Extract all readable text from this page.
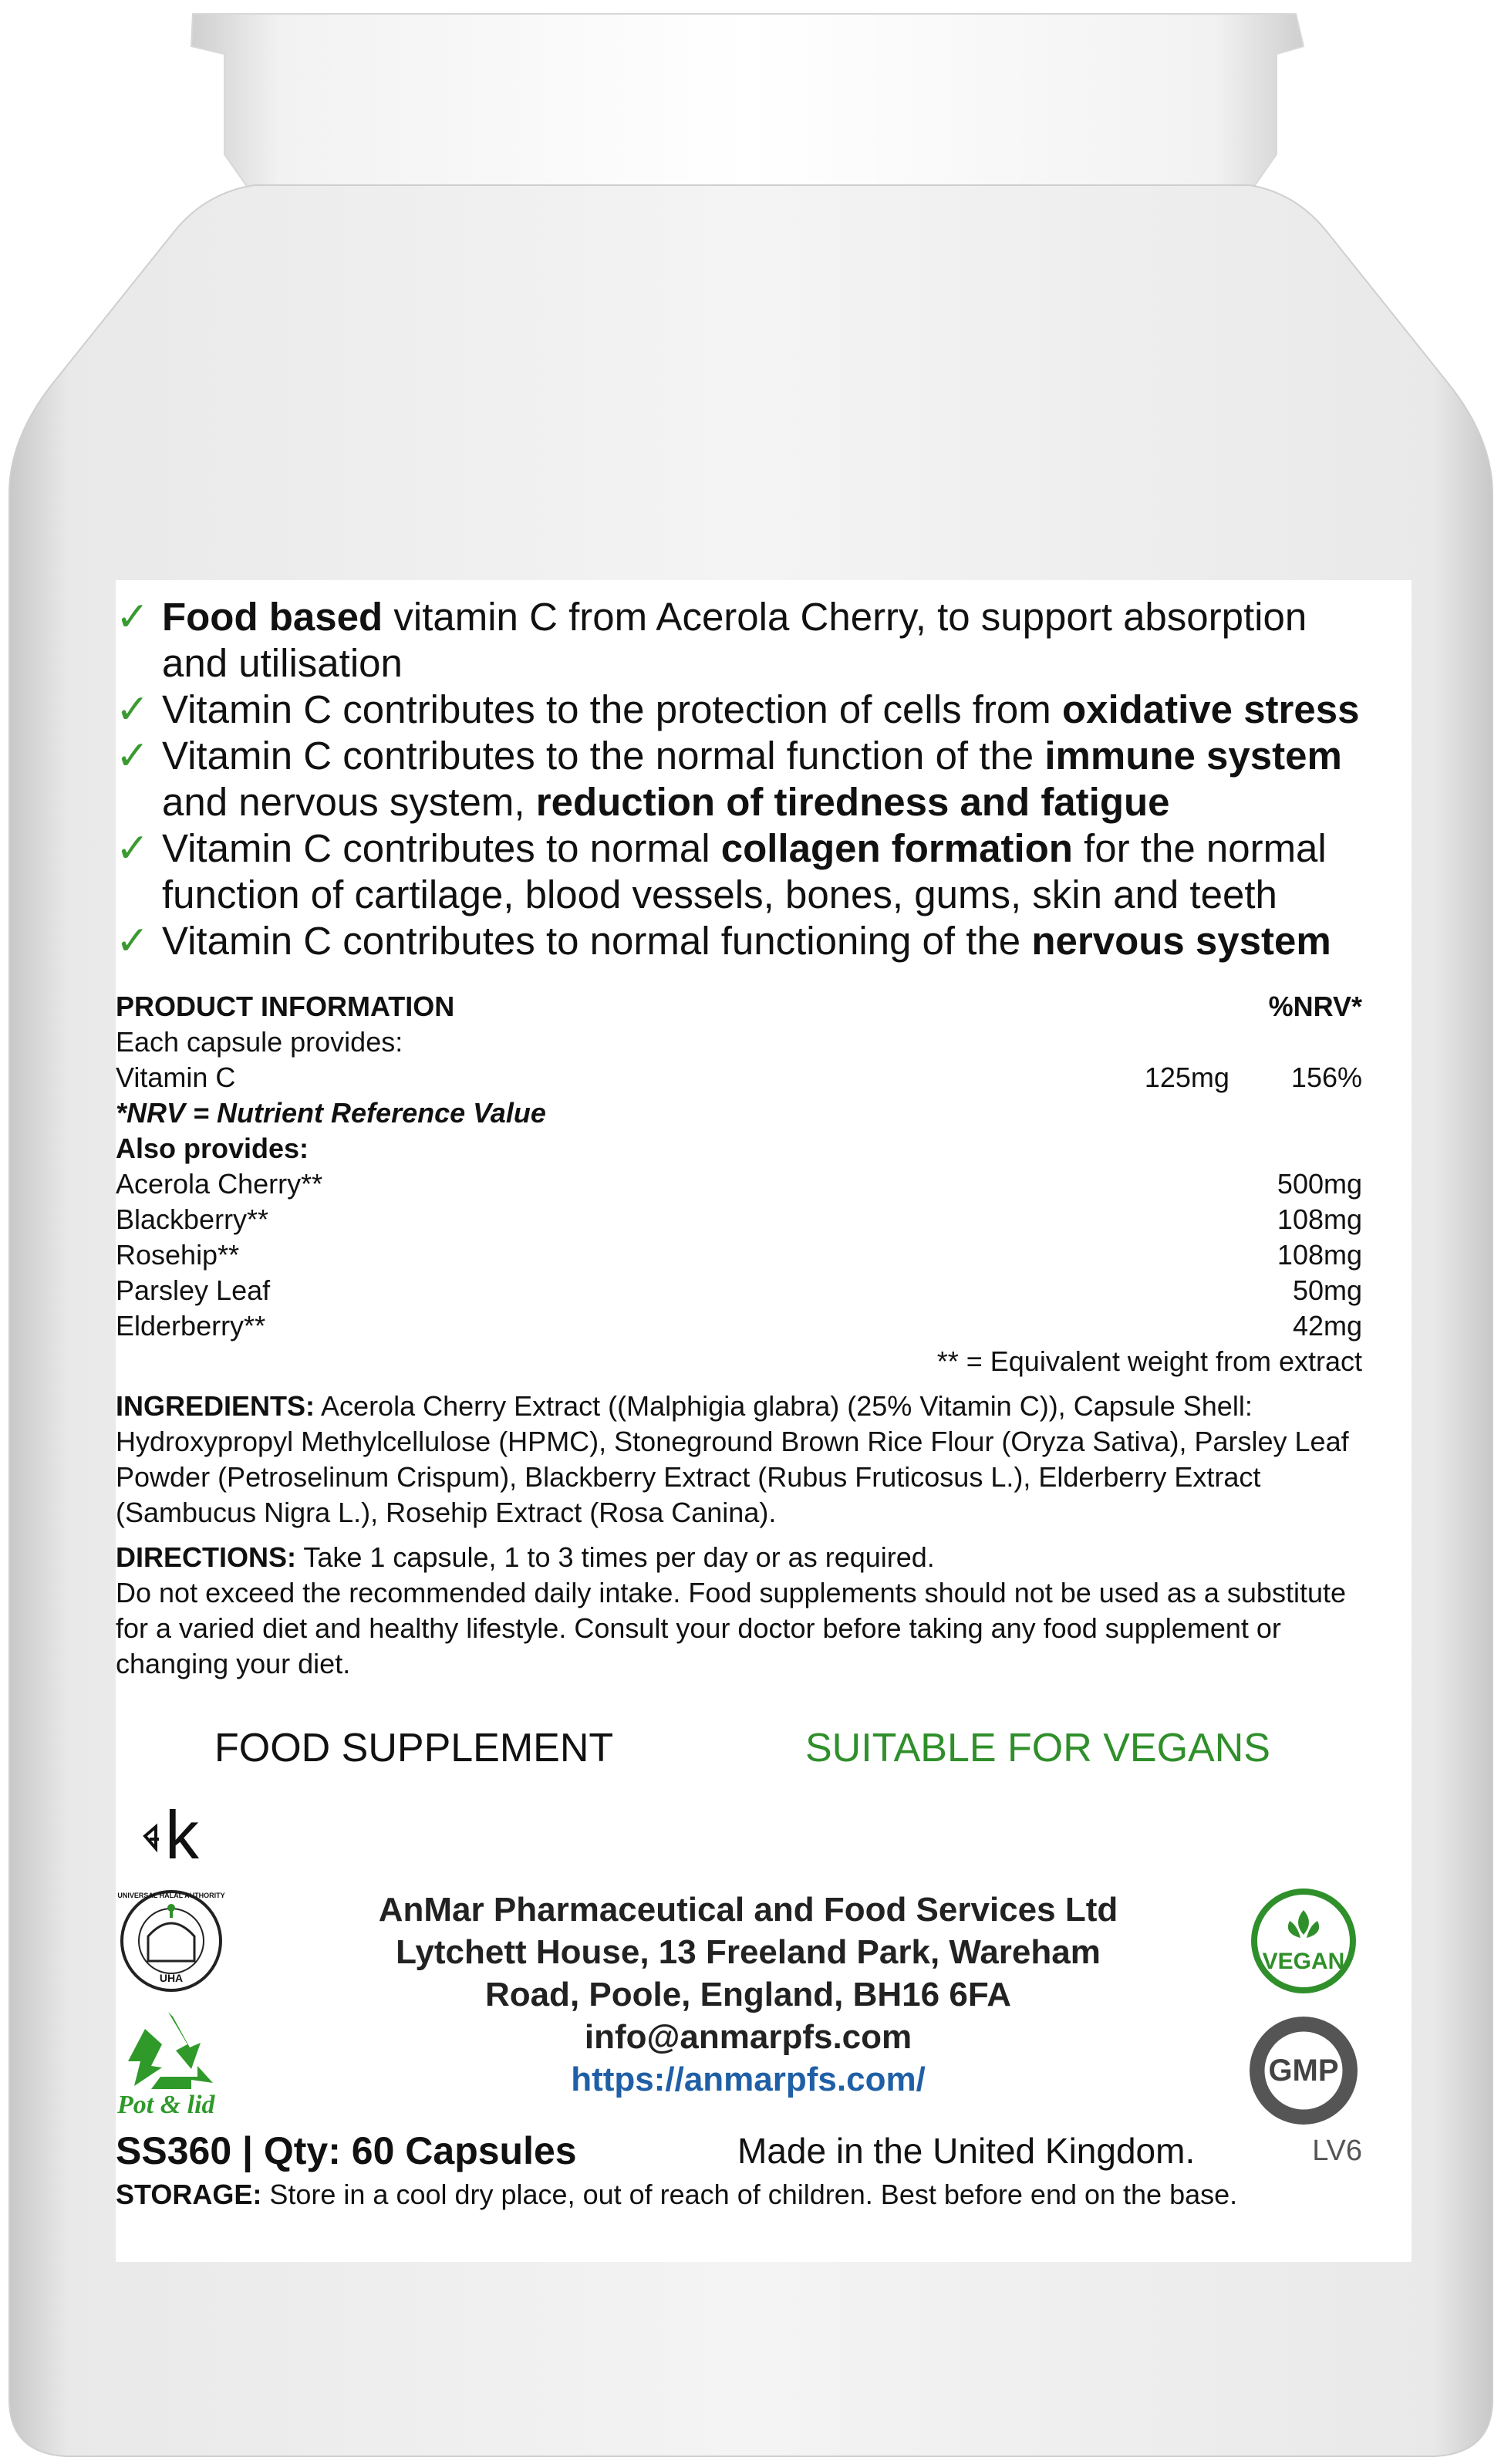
✓ Food based vitamin C from Acerola Cherry, to support absorption and utilisation
✓ Vitamin C contributes to the protection of cells from oxidative stress
✓ Vitamin C contributes to the normal function of the immune system and nervous system, reduction of tiredness and fatigue
✓ Vitamin C contributes to normal collagen formation for the normal function of cartilage, blood vessels, bones, gums, skin and teeth
✓ Vitamin C contributes to normal functioning of the nervous system
PRODUCT INFORMATION	%NRV*
Each capsule provides:
Vitamin C	125mg 156%
*NRV = Nutrient Reference Value
Also provides:
Acerola Cherry**	500mg
Blackberry**	108mg
Rosehip**	108mg
Parsley Leaf	50mg
Elderberry**	42mg
** = Equivalent weight from extract
INGREDIENTS: Acerola Cherry Extract ((Malphigia glabra) (25% Vitamin C)), Capsule Shell: Hydroxypropyl Methylcellulose (HPMC), Stoneground Brown Rice Flour (Oryza Sativa), Parsley Leaf Powder (Petroselinum Crispum), Blackberry Extract (Rubus Fruticosus L.), Elderberry Extract (Sambucus Nigra L.), Rosehip Extract (Rosa Canina).
DIRECTIONS: Take 1 capsule, 1 to 3 times per day or as required.
Do not exceed the recommended daily intake. Food supplements should not be used as a substitute for a varied diet and healthy lifestyle. Consult your doctor before taking any food supplement or changing your diet.
FOOD SUPPLEMENT	SUITABLE FOR VEGANS
k
UNIVERSAL HALAL AUTHORITY
UHA
Pot & lid
AnMar Pharmaceutical and Food Services Ltd
Lytchett House, 13 Freeland Park, Wareham
Road, Poole, England, BH16 6FA
info@anmarpfs.com
https://anmarpfs.com/
VEGAN
GMP
SS360 | Qty: 60 Capsules	Made in the United Kingdom.	LV6
STORAGE: Store in a cool dry place, out of reach of children. Best before end on the base.
